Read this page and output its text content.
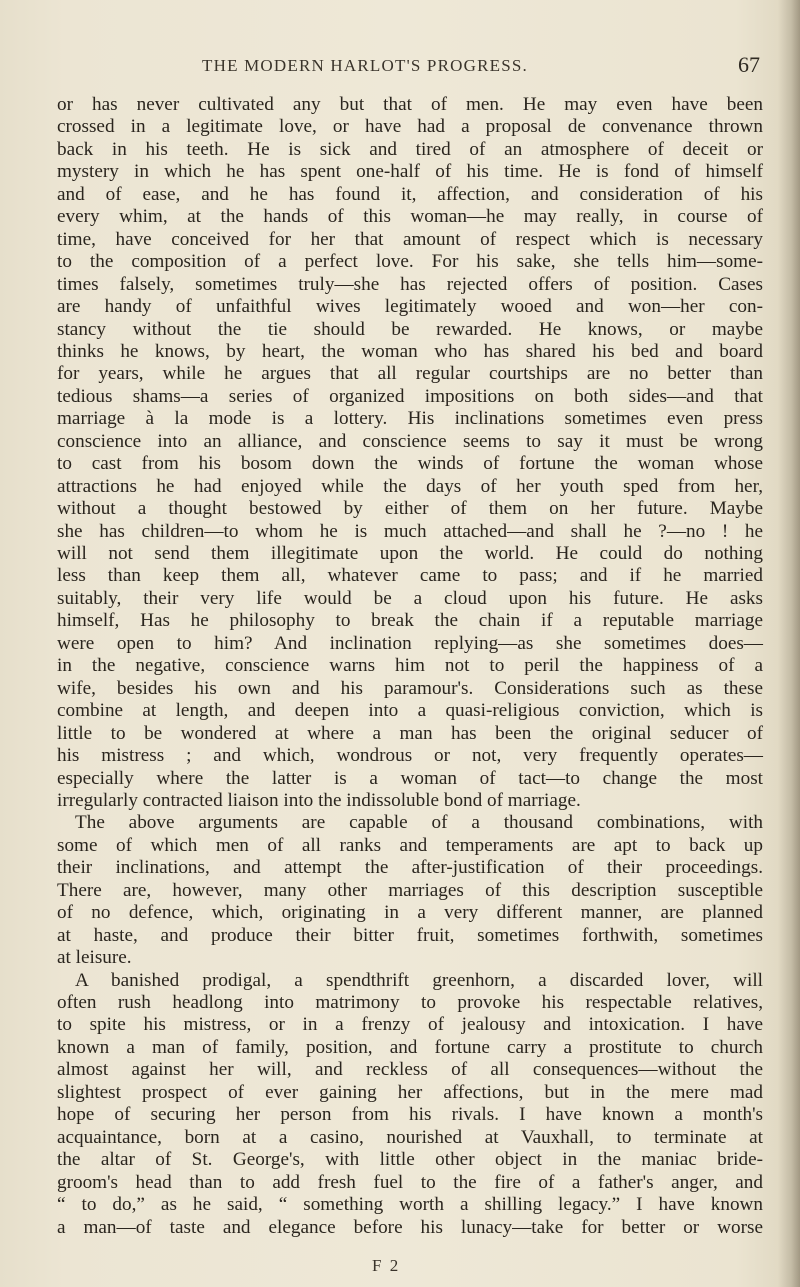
THE MODERN HARLOT'S PROGRESS.	67
or has never cultivated any but that of men. He may even have been
crossed in a legitimate love, or have had a proposal de convenance thrown
back in his teeth. He is sick and tired of an atmosphere of deceit or
mystery in which he has spent one-half of his time. He is fond of himself
and of ease, and he has found it, affection, and consideration of his
every whim, at the hands of this woman—he may really, in course of
time, have conceived for her that amount of respect which is necessary
to the composition of a perfect love. For his sake, she tells him—some-
times falsely, sometimes truly—she has rejected offers of position. Cases
are handy of unfaithful wives legitimately wooed and won—her con-
stancy without the tie should be rewarded. He knows, or maybe
thinks he knows, by heart, the woman who has shared his bed and board
for years, while he argues that all regular courtships are no better than
tedious shams—a series of organized impositions on both sides—and that
marriage à la mode is a lottery. His inclinations sometimes even press
conscience into an alliance, and conscience seems to say it must be wrong
to cast from his bosom down the winds of fortune the woman whose
attractions he had enjoyed while the days of her youth sped from her,
without a thought bestowed by either of them on her future. Maybe
she has children—to whom he is much attached—and shall he ?—no ! he
will not send them illegitimate upon the world. He could do nothing
less than keep them all, whatever came to pass; and if he married
suitably, their very life would be a cloud upon his future. He asks
himself, Has he philosophy to break the chain if a reputable marriage
were open to him? And inclination replying—as she sometimes does—
in the negative, conscience warns him not to peril the happiness of a
wife, besides his own and his paramour's. Considerations such as these
combine at length, and deepen into a quasi-religious conviction, which is
little to be wondered at where a man has been the original seducer of
his mistress ; and which, wondrous or not, very frequently operates—
especially where the latter is a woman of tact—to change the most
irregularly contracted liaison into the indissoluble bond of marriage.
The above arguments are capable of a thousand combinations, with
some of which men of all ranks and temperaments are apt to back up
their inclinations, and attempt the after-justification of their proceedings.
There are, however, many other marriages of this description susceptible
of no defence, which, originating in a very different manner, are planned
at haste, and produce their bitter fruit, sometimes forthwith, sometimes
at leisure.
A banished prodigal, a spendthrift greenhorn, a discarded lover, will
often rush headlong into matrimony to provoke his respectable relatives,
to spite his mistress, or in a frenzy of jealousy and intoxication. I have
known a man of family, position, and fortune carry a prostitute to church
almost against her will, and reckless of all consequences—without the
slightest prospect of ever gaining her affections, but in the mere mad
hope of securing her person from his rivals. I have known a month's
acquaintance, born at a casino, nourished at Vauxhall, to terminate at
the altar of St. George's, with little other object in the maniac bride-
groom's head than to add fresh fuel to the fire of a father's anger, and
“ to do,” as he said, “ something worth a shilling legacy.” I have known
a man—of taste and elegance before his lunacy—take for better or worse
F 2
